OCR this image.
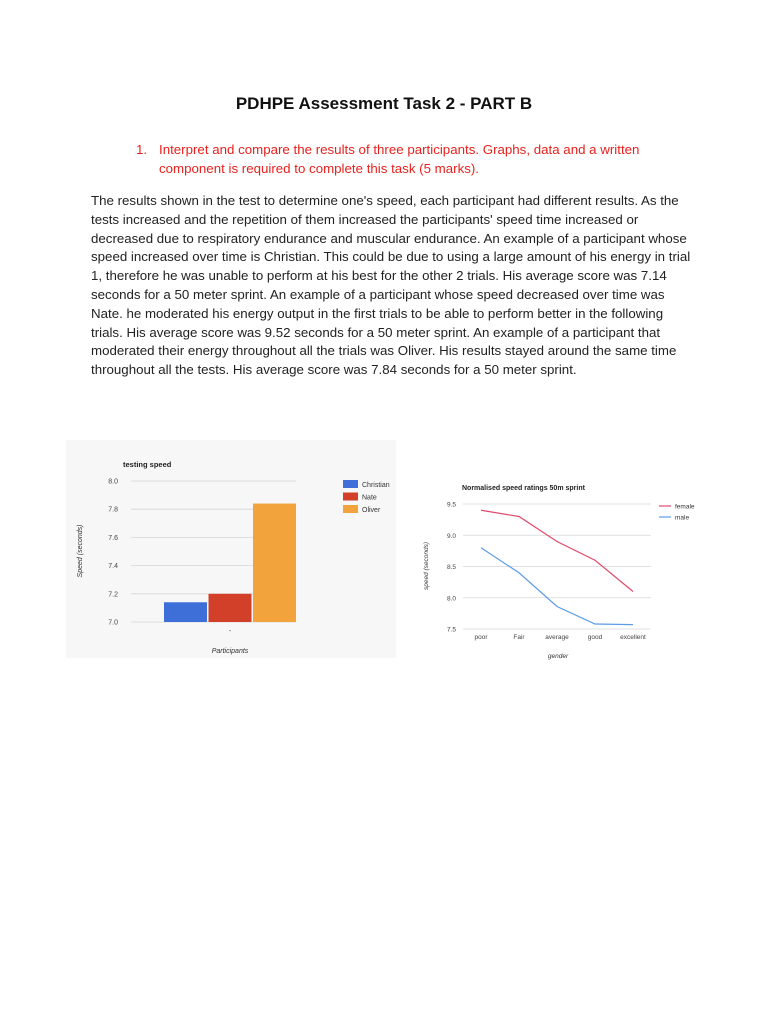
PDHPE Assessment Task 2 - PART B
1. Interpret and compare the results of three participants. Graphs, data and a written component is required to complete this task (5 marks).
The results shown in the test to determine one's speed, each participant had different results. As the tests increased and the repetition of them increased the participants' speed time increased or decreased due to respiratory endurance and muscular endurance. An example of a participant whose speed increased over time is Christian. This could be due to using a large amount of his energy in trial 1, therefore he was unable to perform at his best for the other 2 trials. His average score was 7.14 seconds for a 50 meter sprint. An example of a participant whose speed decreased over time was Nate. he moderated his energy output in the first trials to be able to perform better in the following trials. His average score was 9.52 seconds for a 50 meter sprint. An example of a participant that moderated their energy throughout all the trials was Oliver. His results stayed around the same time throughout all the tests. His average score was 7.84 seconds for a 50 meter sprint.
testing speed
7.0
7.2
7.4
7.6
7.8
8.0
-
Participants
Speed (seconds)
Christian
Nate
Oliver
Normalised speed ratings 50m sprint
7.5
8.0
8.5
9.0
9.5
poor	Fair	average	good	excellent
gender
speed (seconds)
female
male
